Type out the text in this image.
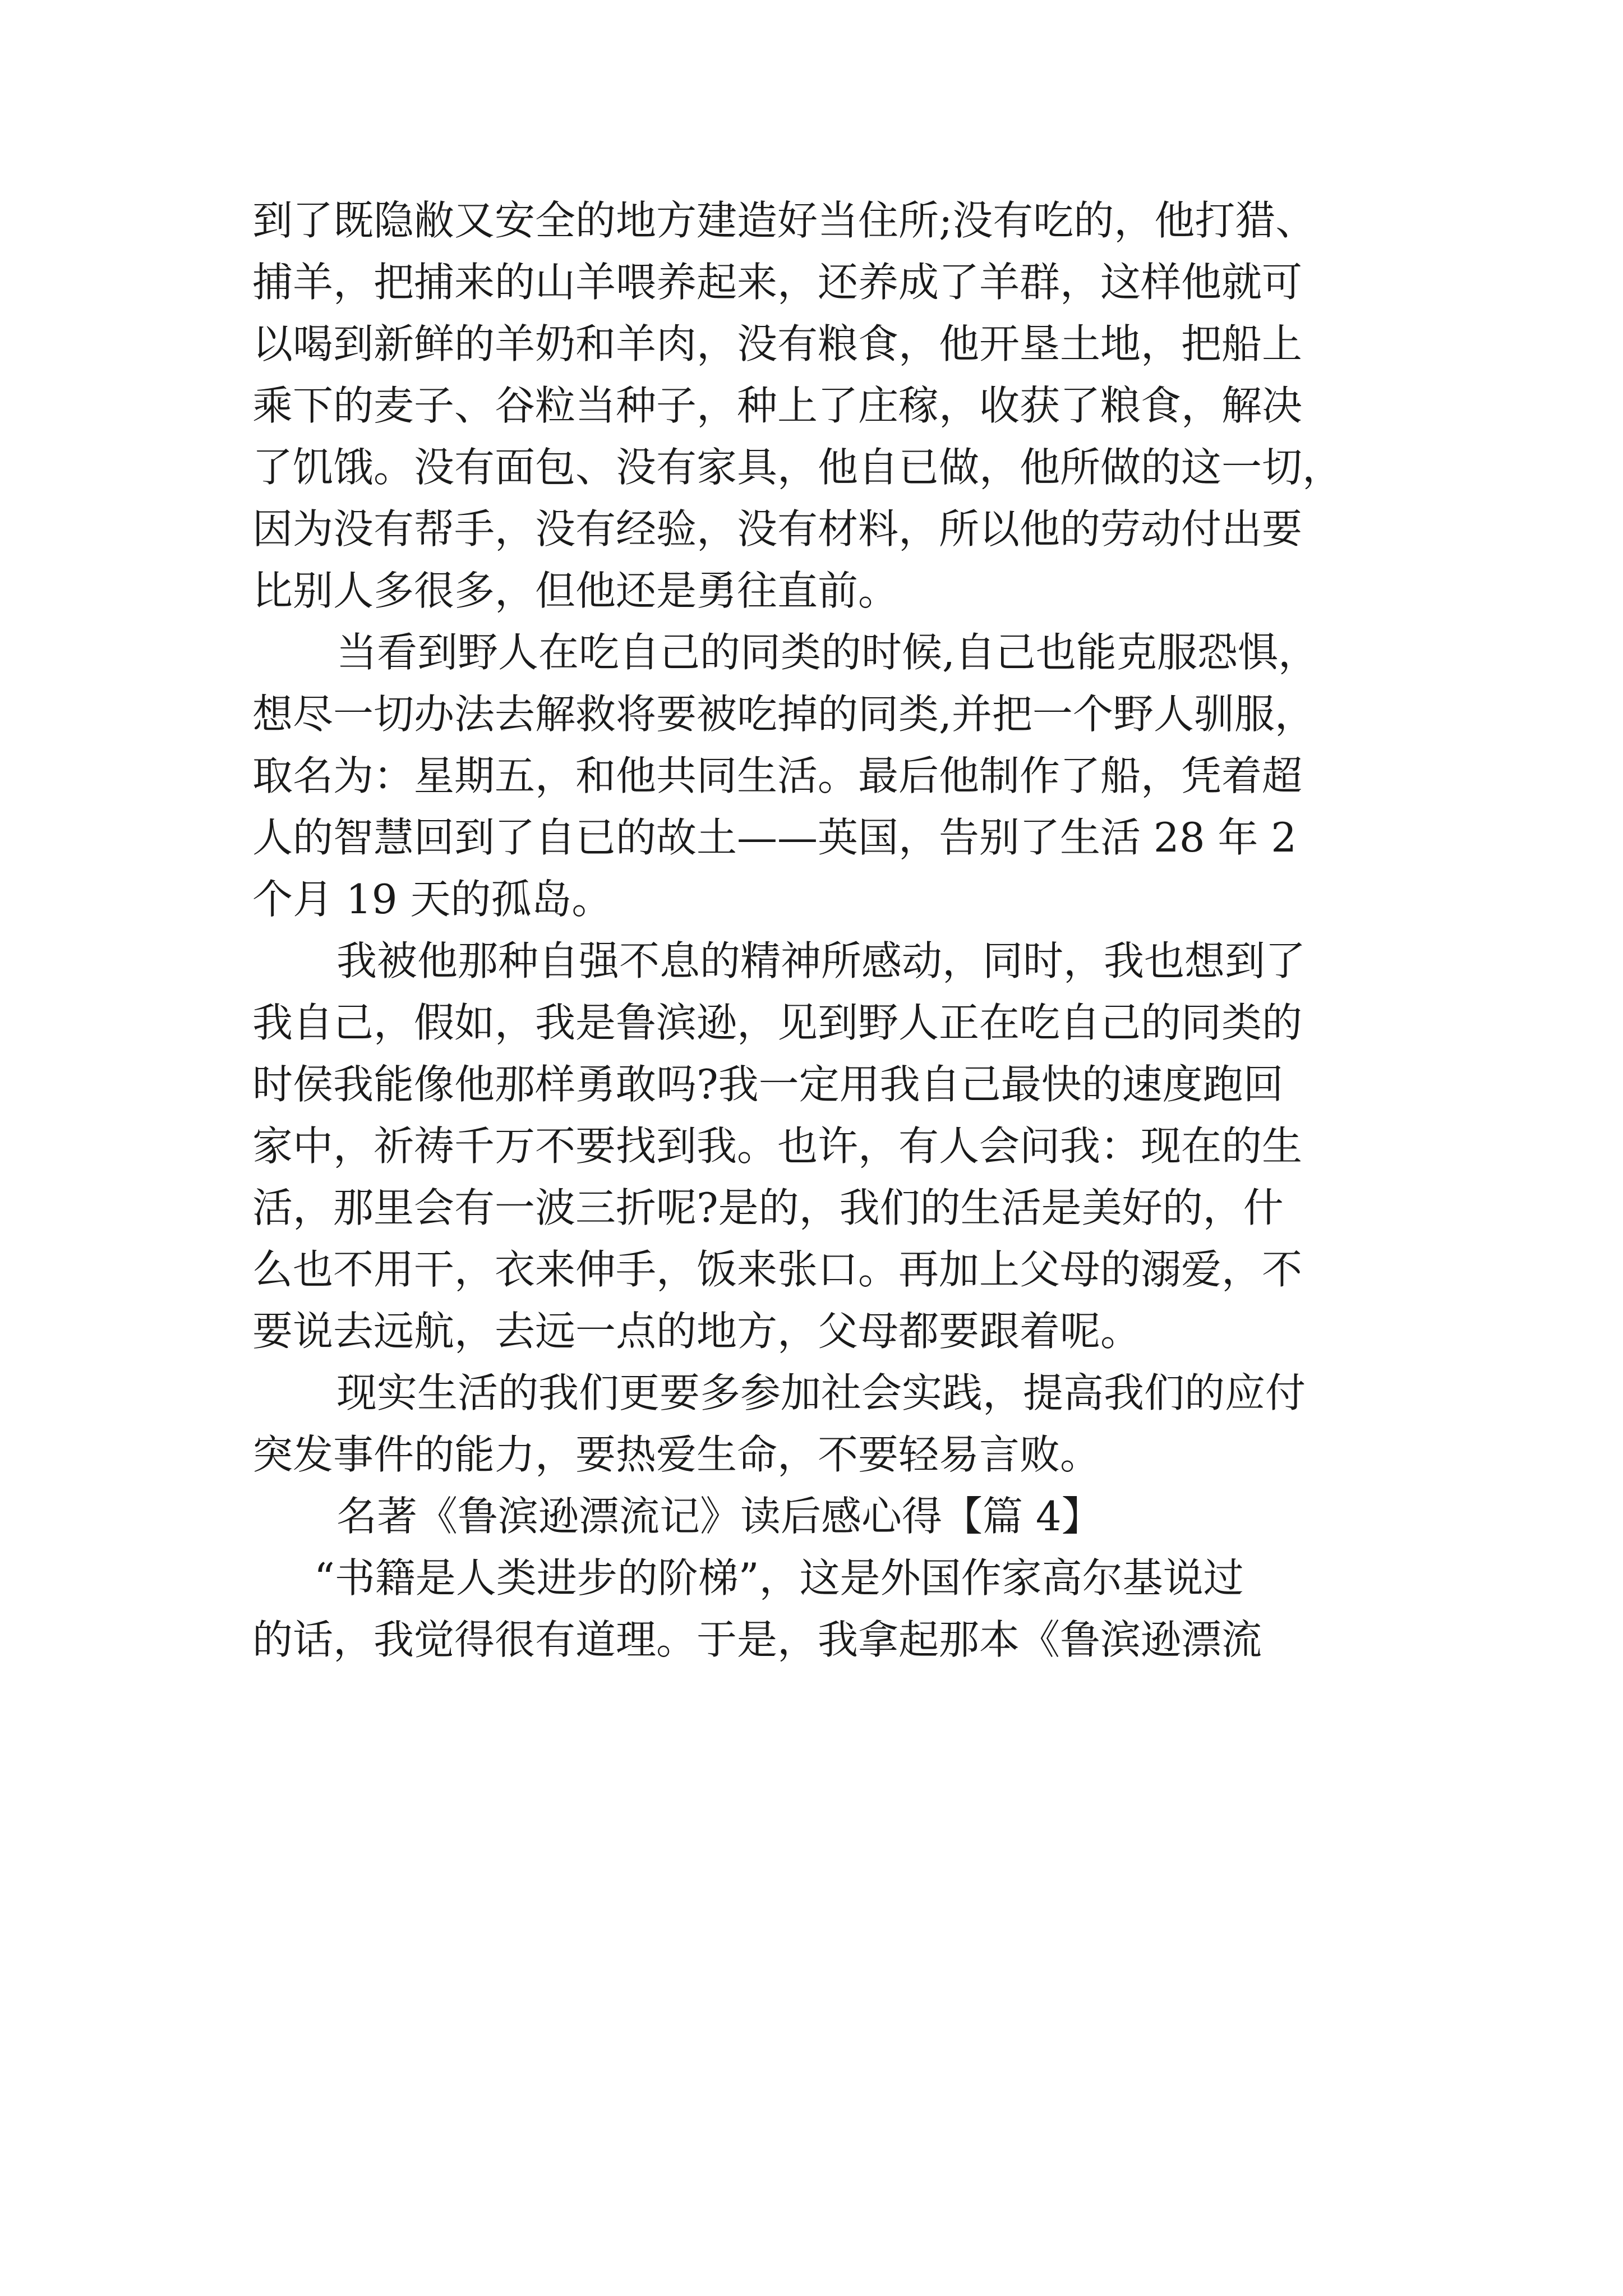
到了既隐敝又安全的地方建造好当住所;没有吃的，他打猎、
捕羊，把捕来的山羊喂养起来，还养成了羊群，这样他就可
以喝到新鲜的羊奶和羊肉，没有粮食，他开垦土地，把船上
乘下的麦子、谷粒当种子，种上了庄稼，收获了粮食，解决
了饥饿。没有面包、没有家具，他自已做，他所做的这一切，
因为没有帮手，没有经验，没有材料，所以他的劳动付出要
比别人多很多，但他还是勇往直前。
当看到野人在吃自己的同类的时候,自己也能克服恐惧，
想尽一切办法去解救将要被吃掉的同类,并把一个野人驯服，
取名为：星期五，和他共同生活。最后他制作了船，凭着超
人的智慧回到了自已的故土——英国，告别了生活 28 年 2
个月 19 天的孤岛。
我被他那种自强不息的精神所感动，同时，我也想到了
我自己，假如，我是鲁滨逊，见到野人正在吃自己的同类的
时侯我能像他那样勇敢吗?我一定用我自己最快的速度跑回
家中，祈祷千万不要找到我。也许，有人会问我：现在的生
活，那里会有一波三折呢?是的，我们的生活是美好的，什
么也不用干，衣来伸手，饭来张口。再加上父母的溺爱，不
要说去远航，去远一点的地方，父母都要跟着呢。
现实生活的我们更要多参加社会实践，提高我们的应付
突发事件的能力，要热爱生命，不要轻易言败。
名著《鲁滨逊漂流记》读后感心得【篇 4】
“书籍是人类进步的阶梯”，这是外国作家高尔基说过
的话，我觉得很有道理。于是，我拿起那本《鲁滨逊漂流
